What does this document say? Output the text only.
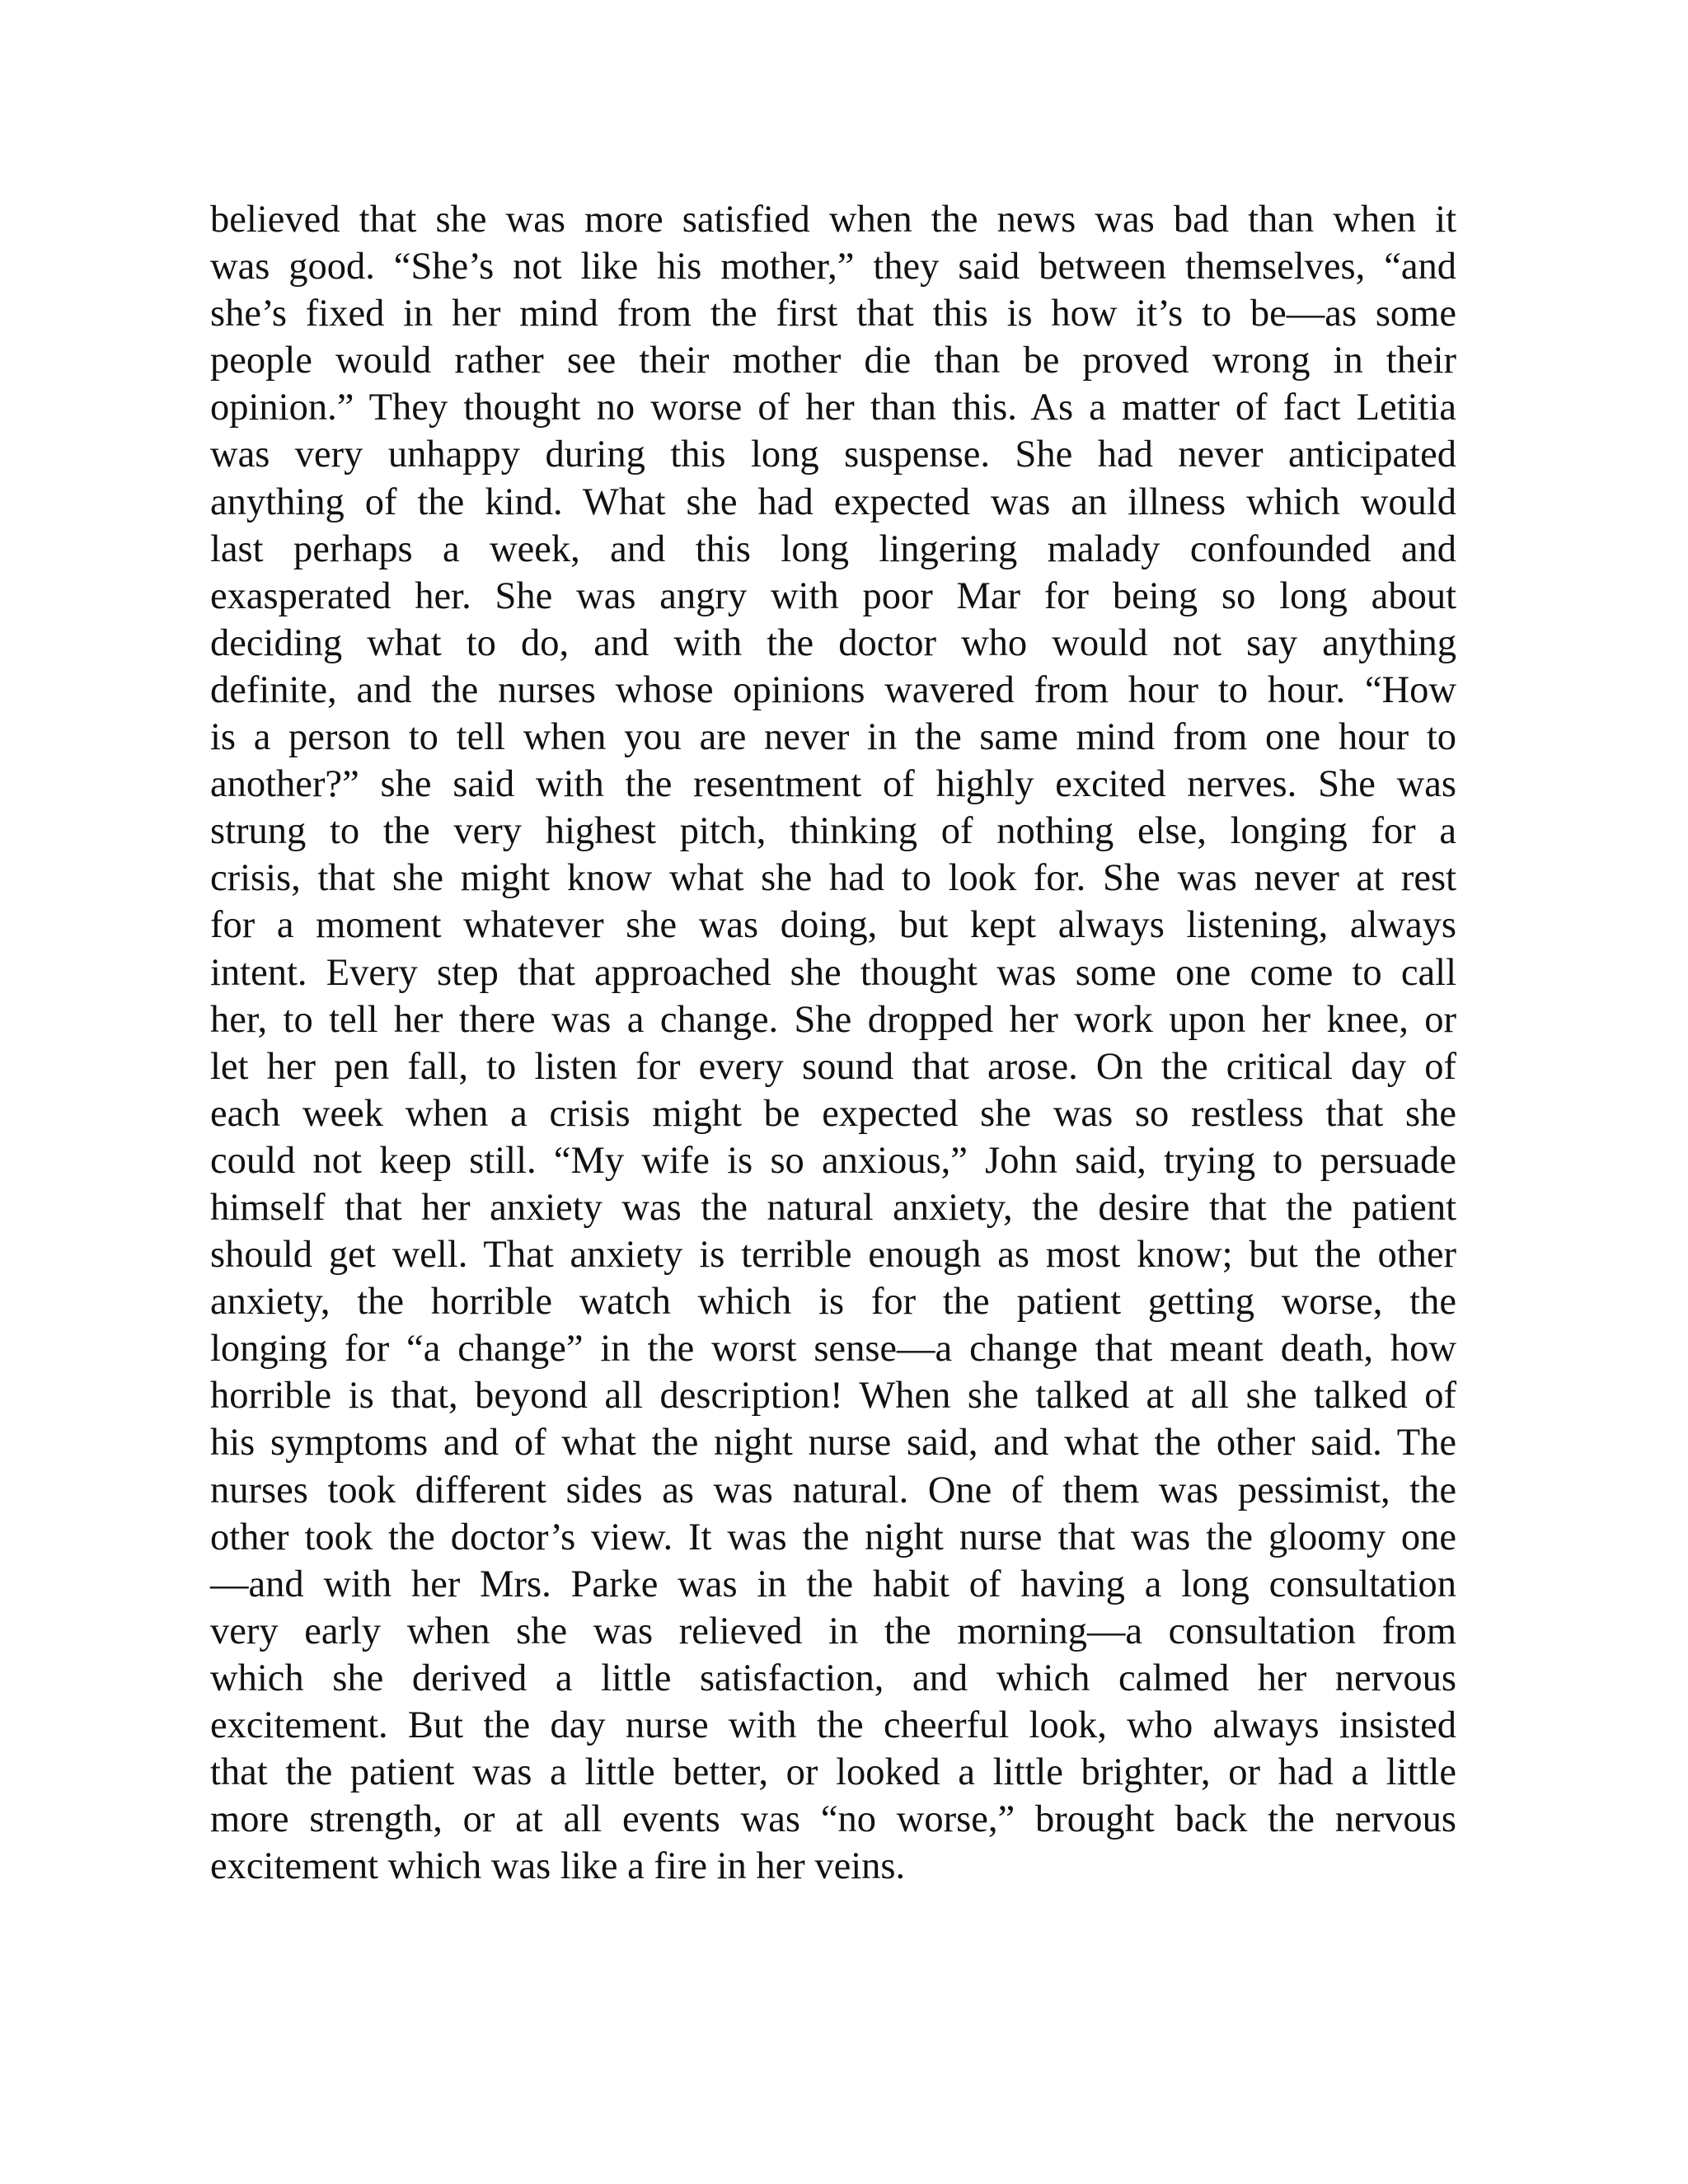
believed that she was more satisfied when the news was bad than when it
was good. “She’s not like his mother,” they said between themselves, “and
she’s fixed in her mind from the first that this is how it’s to be—as some
people would rather see their mother die than be proved wrong in their
opinion.” They thought no worse of her than this. As a matter of fact Letitia
was very unhappy during this long suspense. She had never anticipated
anything of the kind. What she had expected was an illness which would
last perhaps a week, and this long lingering malady confounded and
exasperated her. She was angry with poor Mar for being so long about
deciding what to do, and with the doctor who would not say anything
definite, and the nurses whose opinions wavered from hour to hour. “How
is a person to tell when you are never in the same mind from one hour to
another?” she said with the resentment of highly excited nerves. She was
strung to the very highest pitch, thinking of nothing else, longing for a
crisis, that she might know what she had to look for. She was never at rest
for a moment whatever she was doing, but kept always listening, always
intent. Every step that approached she thought was some one come to call
her, to tell her there was a change. She dropped her work upon her knee, or
let her pen fall, to listen for every sound that arose. On the critical day of
each week when a crisis might be expected she was so restless that she
could not keep still. “My wife is so anxious,” John said, trying to persuade
himself that her anxiety was the natural anxiety, the desire that the patient
should get well. That anxiety is terrible enough as most know; but the other
anxiety, the horrible watch which is for the patient getting worse, the
longing for “a change” in the worst sense—a change that meant death, how
horrible is that, beyond all description! When she talked at all she talked of
his symptoms and of what the night nurse said, and what the other said. The
nurses took different sides as was natural. One of them was pessimist, the
other took the doctor’s view. It was the night nurse that was the gloomy one
—and with her Mrs. Parke was in the habit of having a long consultation
very early when she was relieved in the morning—a consultation from
which she derived a little satisfaction, and which calmed her nervous
excitement. But the day nurse with the cheerful look, who always insisted
that the patient was a little better, or looked a little brighter, or had a little
more strength, or at all events was “no worse,” brought back the nervous
excitement which was like a fire in her veins.
